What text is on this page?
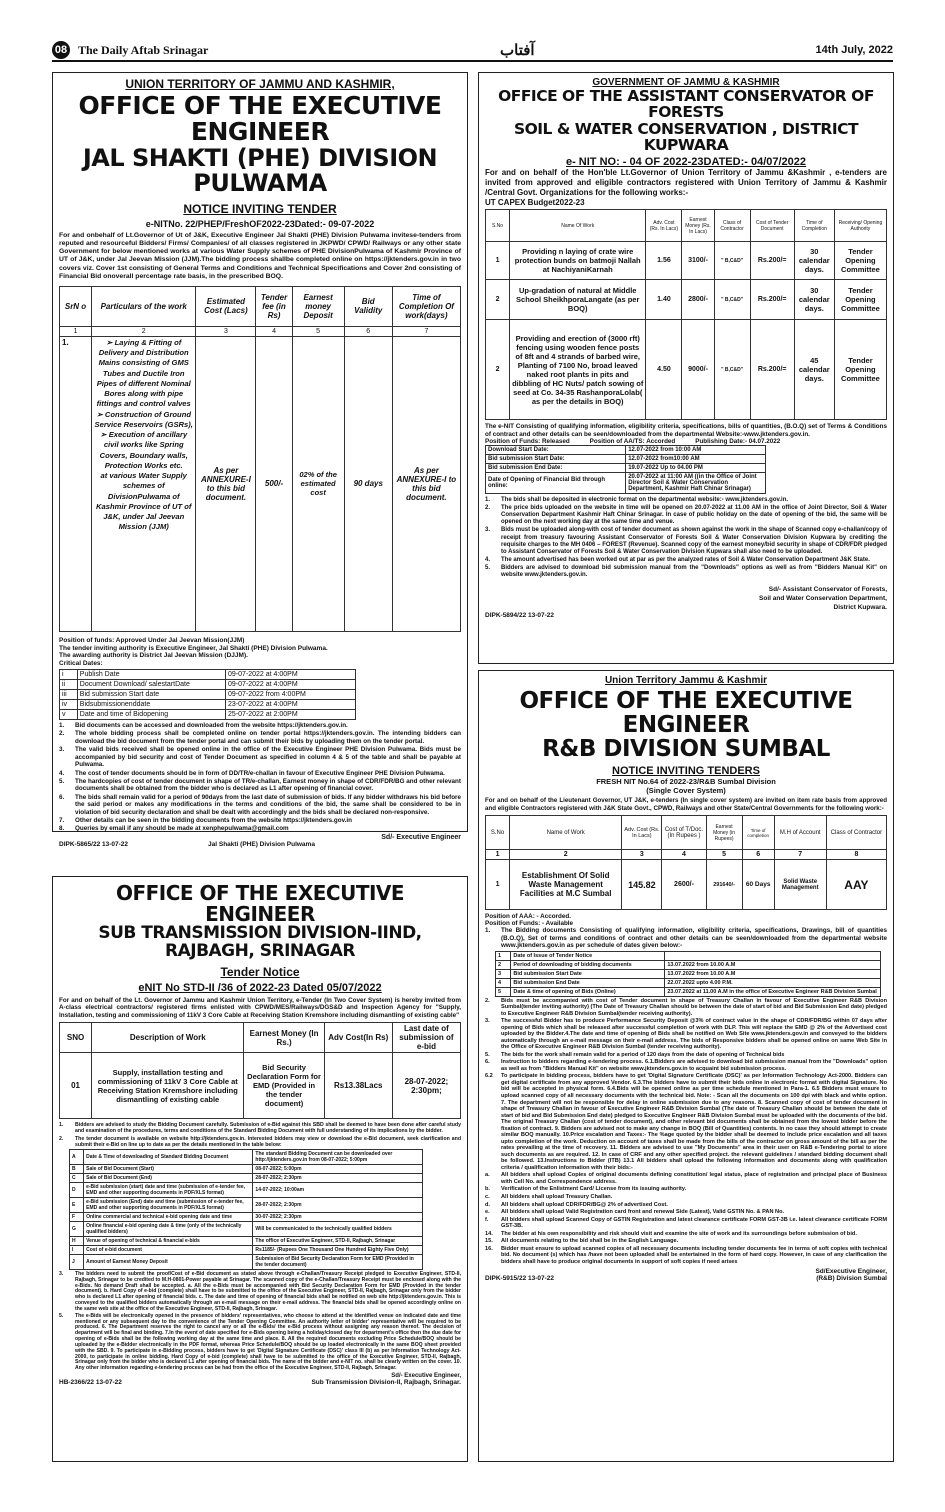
08 The Daily Aftab Srinagar	آفتاب	14th July, 2022
UNION TERRITORY OF JAMMU AND KASHMIR,
OFFICE OF THE EXECUTIVE ENGINEER
JAL SHAKTI (PHE) DIVISION PULWAMA
NOTICE INVITING TENDER
e-NITNo. 22/PHEP/FreshOF2022-23Dated:- 09-07-2022
For and onbehalf of Lt.Governor of Ut of J&K, Executive Engineer Jal Shakti (PHE) Division Pulwama invitese-tenders from reputed and resourceful Bidders/ Firms/ Companies/ of all classes registered in JKPWD/ CPWD/ Railways or any other state Government for below mentioned works at various Water Supply schemes of PHE DivisionPulwama of Kashmir Province of UT of J&K, under Jal Jeevan Mission (JJM).The bidding process shallbe completed online on https://jktenders.gov.in in two covers viz. Cover 1st consisting of General Terms and Conditions and Technical Specifications and Cover 2nd consisting of Financial Bid onoverall percentage rate basis, in the prescribed BOQ.
SrN o	Particulars of the work	Estimated Cost (Lacs)	Tender fee (in Rs)	Earnest money Deposit	Bid Validity	Time of Completion Of work(days)
1	2	3	4	5	6	7
1.	➢ Laying & Fitting of Delivery and Distribution Mains consisting of GMS Tubes and Ductile Iron Pipes of different Nominal Bores along with pipe fittings and control valves
➢ Construction of Ground Service Reservoirs (GSRs),
➢ Execution of ancillary civil works like Spring Covers, Boundary walls, Protection Works etc.
at various Water Supply schemes of DivisionPulwama of Kashmir Province of UT of J&K, under Jal Jeevan Mission (JJM)	As per ANNEXURE-I to this bid document.	500/-	02% of the estimated cost	90 days	As per ANNEXURE-I to this bid document.
Position of funds: Approved Under Jal Jeevan Mission(JJM)
The tender inviting authority is Executive Engineer, Jal Shakti (PHE) Division Pulwama.
The awarding authority is District Jal Jeevan Mission (DJJM).
Critical Dates:
i	Publish Date	09-07-2022 at 4:00PM
ii	Document Download/ salestartDate	09-07-2022 at 4:00PM
iii	Bid submission Start date	09-07-2022 from 4:00PM
iv	Bidsubmissionenddate	23-07-2022 at 4:00PM
v	Date and time of Bidopening	25-07-2022 at 2:00PM
1.	Bid documents can be accessed and downloaded from the website https://jktenders.gov.in.
2.	The whole bidding process shall be completed online on tender portal https://jktenders.gov.in. The intending bidders can download the bid document from the tender portal and can submit their bids by uploading them on the tender portal.
3.	The valid bids received shall be opened online in the office of the Executive Engineer PHE Division Pulwama. Bids must be accompanied by bid security and cost of Tender Document as specified in column 4 & 5 of the table and shall be payable at Pulwama.
4.	The cost of tender documents should be in form of DD/TR/e-challan in favour of Executive Engineer PHE Division Pulwama.
5.	The hardcopies of cost of tender document in shape of TR/e-challan, Earnest money in shape of CDR/FDR/BG and other relevant documents shall be obtained from the bidder who is declared as L1 after opening of financial cover.
6.	The bids shall remain valid for a period of 90days from the last date of submission of bids. If any bidder withdraws his bid before the said period or makes any modifications in the terms and conditions of the bid, the same shall be considered to be in violation of bid security declaration and shall be dealt with accordingly and the bids shall be declared non-responsive.
7.	Other details can be seen in the bidding documents from the website https://jktenders.gov.in
8.	Queries by email if any should be made at xenphepulwama@gmail.com
Sd/- Executive Engineer
DIPK-5865/22 13-07-22	Jal Shakti (PHE) Division Pulwama
OFFICE OF THE EXECUTIVE ENGINEER
SUB TRANSMISSION DIVISION-IIND, RAJBAGH, SRINAGAR
Tender Notice
eNIT No STD-II /36 of 2022-23 Dated 05/07/2022
For and on behalf of the Lt. Governor of Jammu and Kashmir Union Territory, e-Tender (In Two Cover System) is hereby invited from A-class electrical contractors/ registered firms enlisted with CPWD/MES/Railways/DGS&D and Inspection Agency for "Supply, Installation, testing and commissioning of 11kV 3 Core Cable at Receiving Station Kremshore including dismantling of existing cable"
SNO	Description of Work	Earnest Money (In Rs.)	Adv Cost(In Rs)	Last date of submission of e-bid
01	Supply, installation testing and commissioning of 11kV 3 Core Cable at Receiving Station Kremshore including dismantling of existing cable	Bid Security Declaration Form for EMD (Provided in the tender document)	Rs13.38Lacs	28-07-2022; 2:30pm;
1.	Bidders are advised to study the Bidding Document carefully. Submission of e-Bid against this SBD shall be deemed to have been done after careful study and examination of the procedures, terms and conditions of the Standard Bidding Document with full understanding of its implications by the bidder.
2.	The tender document is available on website http://jktenders.gov.in. Interested bidders may view or download the e-Bid document, seek clarification and submit their e-Bid on line up to date as per the details mentioned in the table below:
A	Date & Time of downloading of Standard Bidding Document	The standard Bidding Document can be downloaded over http://jktenders.gov.in from 08-07-2022; 5:00pm
B	Sale of Bid Document (Start)	08-07-2022; 5:00pm
C	Sale of Bid Document (End)	28-07-2022; 2:30pm
D	e-Bid submission (start) date and time (submission of e-tender fee, EMD and other supporting documents in PDF/XLS format)	14-07-2022; 10:00am
E	e-Bid submission (End) date and time (submission of e-tender fee, EMD and other supporting documents in PDF/XLS format)	28-07-2022; 2:30pm
F	Online commercial and technical e-bid opening date and time	30-07-2022; 2:30pm
G	Online financial e-bid opening date & time (only of the technically qualified bidders)	Will be communicated to the technically qualified bidders
H	Venue of opening of technical & financial e-bids	The office of Executive Engineer, STD-II, Rajbagh, Srinagar
I	Cost of e-bid document	Rs1185/- (Rupees One Thousand One Hundred Eighty Five Only)
J	Amount of Earnest Money Deposit	Submission of Bid Security Declaration Form for EMD (Provided in the tender document)
3.	The bidders need to submit the proof/Cost of e-Bid document as stated above through e-Challan/Treasury Receipt pledged to Executive Engineer, STD-II, Rajbagh, Srinagar to be credited to M.H-0801-Power payable at Srinagar. The scanned copy of the e-Challan/Treasury Receipt must be enclosed along with the e-Bids. No demand Draft shall be accepted. a. All the e-Bids must be accompanied with Bid Security Declaration Form for EMD (Provided in the tender document). b. Hard Copy of e-bid (complete) shall have to be submitted to the office of the Executive Engineer, STD-II, Rajbagh, Srinagar only from the bidder who is declared L1 after opening of financial bids. c. The date and time of opening of financial bids shall be notified on web site http://jktenders.gov.in. This is conveyed to the qualified bidders automatically through an e-mail message on their e-mail address. The financial bids shall be opened accordingly online on the same web site at the office of the Executive Engineer, STD-II, Rajbagh, Srinagar.
5.	The e-Bids will be electronically opened in the presence of bidders' representatives, who choose to attend at the identified venue on indicated date and time mentioned or any subsequent day to the convenience of the Tender Opening Committee. An authority letter of bidder' representative will be required to be produced. 6. The Department reserves the right to cancel any or all the e-Bids/ the e-Bid process without assigning any reason thereof. The decision of department will be final and binding. 7.In the event of date specified for e-Bids opening being a holiday/closed day for department's office then the due date for opening of e-Bids shall be the following working day at the same time and place. 8. All the required documents excluding Price Schedule/BOQ should be uploaded by the e-Bidder electronically in the PDF format, whereas Price Schedule/BOQ should be up loaded electronically in the same BOQ sheet provided with the SBD. 9. To participate in e-Bidding process, bidders have to get 'Digital Signature Certificate (DSC)' class III (b) as per Information Technology Act-2000, to participate in online bidding. Hard Copy of e-bid (complete) shall have to be submitted to the office of the Executive Engineer, STD-II, Rajbagh, Srinagar only from the bidder who is declared L1 after opening of financial bids. The name of the bidder and e-NIT no. shall be clearly written on the cover. 10. Any other information regarding e-tendering process can be had from the office of the Executive Engineer, STD-II, Rajbagh, Srinagar.
Sd/- Executive Engineer,
HB-2366/22 13-07-22	Sub Transmission Division-II, Rajbagh, Srinagar.
GOVERNMENT OF JAMMU & KASHMIR
OFFICE OF THE ASSISTANT CONSERVATOR OF FORESTS
SOIL & WATER CONSERVATION , DISTRICT KUPWARA
e- NIT NO: - 04 OF 2022-23DATED:- 04/07/2022
For and on behalf of the Hon'ble Lt.Governor of Union Territory of Jammu &Kashmir , e-tenders are invited from approved and eligible contractors registered with Union Territory of Jammu & Kashmir /Central Govt. Organizations for the following works:-
UT CAPEX Budget2022-23
S.No	Name Of Work	Adv. Cost (Rs. In Lacs)	Earnest Money (Rs. In Lacs)	Class of Contractor	Cost of Tender Document	Time of Completion	Receiving/ Opening Authority
1	Providing n laying of crate wire protection bunds on batmoji Nallah at NachiyaniKarnah	1.56	3100/-	" B,C&D"	Rs.200/=	30 calendar days.	Tender Opening Committee
2	Up-gradation of natural at Middle School SheikhporaLangate (as per BOQ)	1.40	2800/-	" B,C&D"	Rs.200/=	30 calendar days.	Tender Opening Committee
2	Providing and erection of (3000 rft) fencing using wooden fence posts of 8ft and 4 strands of barbed wire, Planting of 7100 No, broad leaved naked root plants in pits and dibbling of HC Nuts/ patch sowing of seed at Co. 34-35 RashanporaLolab( as per the details in BOQ)	4.50	9000/-	" B,C&D"	Rs.200/=	45 calendar days.	Tender Opening Committee
The e-NIT Consisting of qualifying information, eligibility criteria, specifications, bills of quantities, (B.O.Q) set of Terms & Conditions of contract and other details can be seen/downloaded from the departmental Website:-www.jktenders.gov.in.
Position of Funds: Released	Position of AA/TS: Accorded	Publishing Date:- 04.07.2022
Download Start Date:	12.07-2022 from 10:00 AM
Bid submission Start Date:	12.07-2022 from10:00 AM
Bid submission End Date:	19.07-2022 Up to 04.00 PM
Date of Opening of Financial Bid through online:	20.07-2022 at 11:00 AM ((in the Office of Joint Director Soil & Water Conservation Department, Kashmir Haft Chinar Srinagar)
1.	The bids shall be deposited in electronic format on the departmental website:- www.jktenders.gov.in.
2.	The price bids uploaded on the website in time will be opened on 20.07-2022 at 11.00 AM in the office of Joint Director, Soil & Water Conservation Department Kashmir Haft Chinar Srinagar. In case of public holiday on the date of opening of the bid, the same will be opened on the next working day at the same time and venue.
3.	Bids must be uploaded along-with cost of tender document as shown against the work in the shape of Scanned copy e-challan/copy of receipt from treasury favouring Assistant Conservator of Forests Soil & Water Conservation Division Kupwara by crediting the requisite charges to the MH 0406 – FOREST (Revenue). Scanned copy of the earnest money/bid security in shape of CDR/FDR pledged to Assistant Conservator of Forests Soil & Water Conservation Division Kupwara shall also need to be uploaded.
4.	The amount advertised has been worked out at par as per the analyzed rates of Soil & Water Conservation Department J&K State.
5.	Bidders are advised to download bid submission manual from the "Downloads" options as well as from "Bidders Manual Kit" on website www.jktenders.gov.in.
Sd/- Assistant Conservator of Forests,
Soil and Water Conservation Department,
District Kupwara.
DIPK-5894/22 13-07-22
Union Territory Jammu & Kashmir
OFFICE OF THE EXECUTIVE ENGINEER
R&B DIVISION SUMBAL
NOTICE INVITING TENDERS
FRESH NIT No.64 of 2022-23/R&B Sumbal Division
(Single Cover System)
For and on behalf of the Lieutenant Governor, UT J&K, e-tenders (In single cover system) are invited on item rate basis from approved and eligible Contractors registered with J&K State Govt., CPWD, Railways and other State/Central Governments for the following work:-
S.No	Name of Work	Adv. Cost (Rs. In Lacs)	Cost of T/Doc. (In Rupees )	Earnest Money (in Rupees)	Time of completion	M.H of Account	Class of Contractor
1	2	3	4	5	6	7	8
1	Establishment Of Solid Waste Management Facilities at M.C Sumbal	145.82	2600/-	291640/-	60 Days	Solid Waste Management	AAY
Position of AAA: - Accorded.
Position of Funds: - Available
1.	The Bidding documents Consisting of qualifying information, eligibility criteria, specifications, Drawings, bill of quantities (B.O.Q), Set of terms and conditions of contract and other details can be seen/downloaded from the departmental website www.jktenders.gov.in as per schedule of dates given below:-
1	Date of Issue of Tender Notice	
2	Period of downloading of bidding documents	13.07.2022 from 10.00 A.M
3	Bid submission Start Date	13.07.2022 from 10.00 A.M
4	Bid submission End Date	22.07.2022 upto 4.00 P.M.
5	Date & time of opening of Bids (Online)	23.07.2022 at 11.00 A.M in the office of Executive Engineer R&B Division Sumbal
2.	Bids must be accompanied with cost of Tender document in shape of Treasury Challan in favour of Executive Engineer R&B Division Sumbal(tender inviting authority) (The Date of Treasury Challan should be between the date of start of bid and Bid Submission End date) pledged to Executive Engineer R&B Division Sumbal(tender receiving authority).
3.	The successful Bidder has to produce Performance Security Deposit @3% of contract value in the shape of CDR/FDR/BG within 07 days after opening of Bids which shall be released after successful completion of work with DLP. This will replace the EMD @ 2% of the Advertised cost uploaded by the Bidder.4.The date and time of opening of Bids shall be notified on Web Site www.jktenders.gov.in and conveyed to the bidders automatically through an e-mail message on their e-mail address. The bids of Responsive bidders shall be opened online on same Web Site in the Office of Executive Engineer R&B Division Sumbal (tender receiving authority).
5.	The bids for the work shall remain valid for a period of 120 days from the date of opening of Technical bids
6.	Instruction to bidders regarding e-tendering process. 6.1.Bidders are advised to download bid submission manual from the "Downloads" option as well as from "Bidders Manual Kit" on website www.jktenders.gov.in to acquaint bid submission process.
6.2	To participate in bidding process, bidders have to get 'Digital Signature Certificate (DSC)' as per Information Technology Act-2000. Bidders can get digital certificate from any approved Vendor. 6.3.The bidders have to submit their bids online in electronic format with digital Signature. No bid will be accepted in physical form. 6.4.Bids will be opened online as per time schedule mentioned in Para-1. 6.5 Bidders must ensure to upload scanned copy of all necessary documents with the technical bid. Note: - Scan all the documents on 100 dpi with black and white option. 7. The department will not be responsible for delay in online submission due to any reasons. 8. Scanned copy of cost of tender document in shape of Treasury Challan in favour of Executive Engineer R&B Division Sumbal (The date of Treasury Challan should be between the date of start of bid and Bid Submission End date) pledged to Executive Engineer R&B Division Sumbal must be uploaded with the documents of the bid. The original Treasury Challan (cost of tender document), and other relevant bid documents shall be obtained from the lowest bidder before the fixation of contract. 9. Bidders are advised not to make any change in BOQ (Bill of Quantities) contents. In no case they should attempt to create similar BOQ manually. 10.Price escalation and Taxes:- The %age quoted by the bidder shall be deemed to include price escalation and all taxes upto completion of the work. Deduction on account of taxes shall be made from the bills of the contractor on gross amount of the bill as per the rates prevailing at the time of recovery. 11. Bidders are advised to use "My Documents" area in their user on R&B e-Tendering portal to store such documents as are required. 12. In case of CRF and any other specified project. the relevant guidelines / standard bidding document shall be followed. 13.Instructions to Bidder (ITB) 13.1 All bidders shall upload the following information and documents along with qualification criteria / qualification information with their bids:-
a.	All bidders shall upload Copies of original documents defining constitution/ legal status, place of registration and principal place of Business with Cell No. and Correspondence address.
b.	Verification of the Enlistment Card/ License from its issuing authority.
c.	All bidders shall upload Treasury Challan.
d.	All bidders shall upload CDR/FDR/BG@ 2% of advertised Cost.
e.	All bidders shall upload Valid Registration card front and renewal Side (Latest), Valid GSTIN No. & PAN No.
f.	All bidders shall upload Scanned Copy of GSTIN Registration and latest clearance certificate FORM GST-3B i.e. latest clearance certificate FORM GST-3B.
14.	The bidder at his own responsibility and risk should visit and examine the site of work and its surroundings before submission of bid.
15.	All documents relating to the bid shall be in the English Language.
16.	Bidder must ensure to upload scanned copies of all necessary documents including tender documents fee in terms of soft copies with technical bid. No document (s) which has /have not been uploaded shall be entertained in the form of hard copy. However, in case of any clarification the bidders shall have to produce original documents in support of soft copies if need arises
Sd/Executive Engineer,
DIPK-5915/22 13-07-22	(R&B) Division Sumbal
